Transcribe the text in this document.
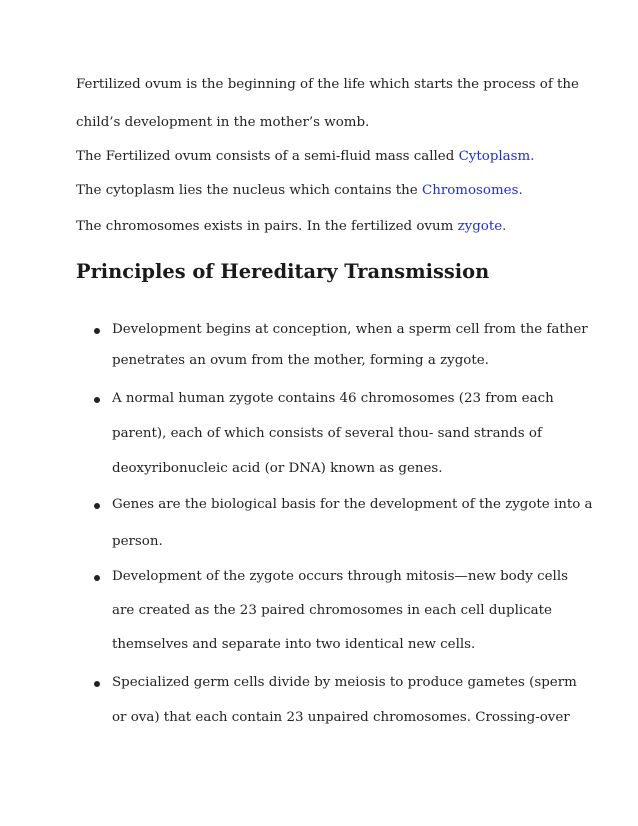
Fertilized ovum is the beginning of the life which starts the process of the

child’s development in the mother’s womb.

The Fertilized ovum consists of a semi-fluid mass called Cytoplasm.

The cytoplasm lies the nucleus which contains the Chromosomes.

The chromosomes exists in pairs. In the fertilized ovum zygote.

Principles of Hereditary Transmission

Development begins at conception, when a sperm cell from the father

penetrates an ovum from the mother, forming a zygote.

A normal human zygote contains 46 chromosomes (23 from each

parent), each of which consists of several thou- sand strands of

deoxyribonucleic acid (or DNA) known as genes.

Genes are the biological basis for the development of the zygote into a

person.

Development of the zygote occurs through mitosis—new body cells

are created as the 23 paired chromosomes in each cell duplicate

themselves and separate into two identical new cells.

Specialized germ cells divide by meiosis to produce gametes (sperm

or ova) that each contain 23 unpaired chromosomes. Crossing-over
